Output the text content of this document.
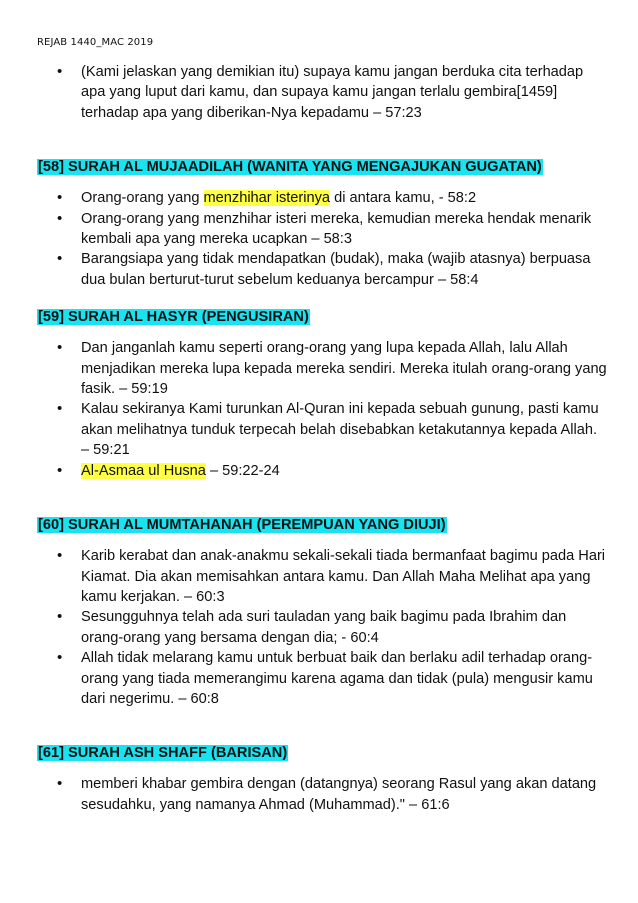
REJAB 1440_MAC 2019
• (Kami jelaskan yang demikian itu) supaya kamu jangan berduka cita terhadap apa yang luput dari kamu, dan supaya kamu jangan terlalu gembira[1459] terhadap apa yang diberikan-Nya kepadamu – 57:23

[58] SURAH AL MUJAADILAH (WANITA YANG MENGAJUKAN GUGATAN)

• Orang-orang yang menzhihar isterinya di antara kamu, - 58:2
• Orang-orang yang menzhihar isteri mereka, kemudian mereka hendak menarik kembali apa yang mereka ucapkan – 58:3
• Barangsiapa yang tidak mendapatkan (budak), maka (wajib atasnya) berpuasa dua bulan berturut-turut sebelum keduanya bercampur – 58:4

[59] SURAH AL HASYR (PENGUSIRAN)

• Dan janganlah kamu seperti orang-orang yang lupa kepada Allah, lalu Allah menjadikan mereka lupa kepada mereka sendiri. Mereka itulah orang-orang yang fasik. – 59:19
• Kalau sekiranya Kami turunkan Al-Quran ini kepada sebuah gunung, pasti kamu akan melihatnya tunduk terpecah belah disebabkan ketakutannya kepada Allah. – 59:21
• Al-Asmaa ul Husna – 59:22-24

[60] SURAH AL MUMTAHANAH (PEREMPUAN YANG DIUJI)

• Karib kerabat dan anak-anakmu sekali-sekali tiada bermanfaat bagimu pada Hari Kiamat. Dia akan memisahkan antara kamu. Dan Allah Maha Melihat apa yang kamu kerjakan. – 60:3
• Sesungguhnya telah ada suri tauladan yang baik bagimu pada Ibrahim dan orang-orang yang bersama dengan dia; - 60:4
• Allah tidak melarang kamu untuk berbuat baik dan berlaku adil terhadap orang-orang yang tiada memerangimu karena agama dan tidak (pula) mengusir kamu dari negerimu. – 60:8

[61] SURAH ASH SHAFF (BARISAN)

• memberi khabar gembira dengan (datangnya) seorang Rasul yang akan datang sesudahku, yang namanya Ahmad (Muhammad)." – 61:6
